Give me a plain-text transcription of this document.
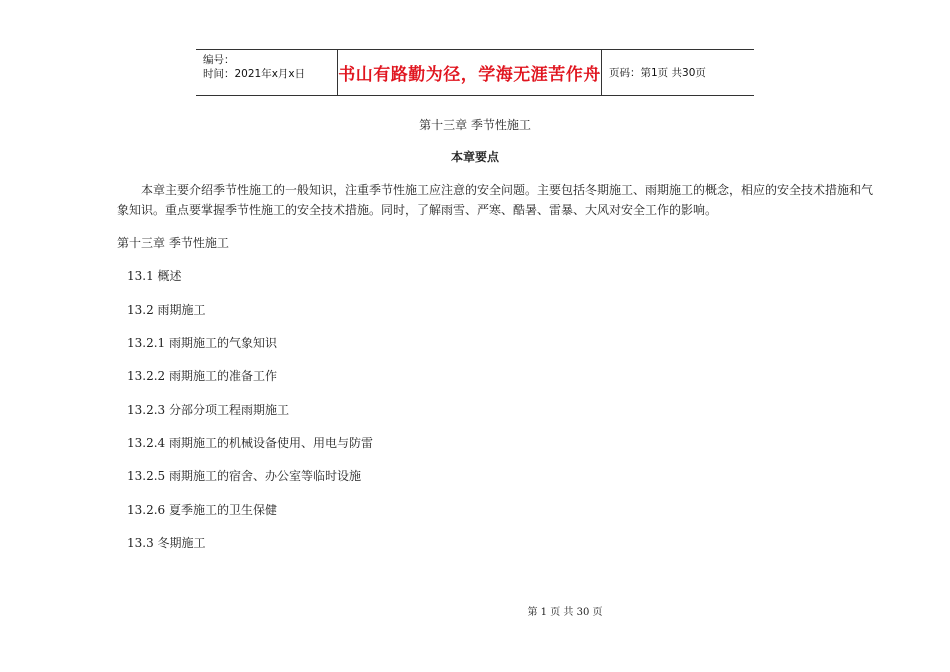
编号：
时间：2021年x月x日	书山有路勤为径，学海无涯苦作舟 页码：第1页 共30页
第十三章 季节性施工
本章要点
本章主要介绍季节性施工的一般知识，注重季节性施工应注意的安全问题。主要包括冬期施工、雨期施工的概念，相应的安全技术措施和气象知识。重点要掌握季节性施工的安全技术措施。同时，了解雨雪、严寒、酷暑、雷暴、大风对安全工作的影响。
第十三章 季节性施工
13.1 概述
13.2 雨期施工
13.2.1 雨期施工的气象知识
13.2.2 雨期施工的准备工作
13.2.3 分部分项工程雨期施工
13.2.4 雨期施工的机械设备使用、用电与防雷
13.2.5 雨期施工的宿舍、办公室等临时设施
13.2.6 夏季施工的卫生保健
13.3 冬期施工
第 1 页 共 30 页
